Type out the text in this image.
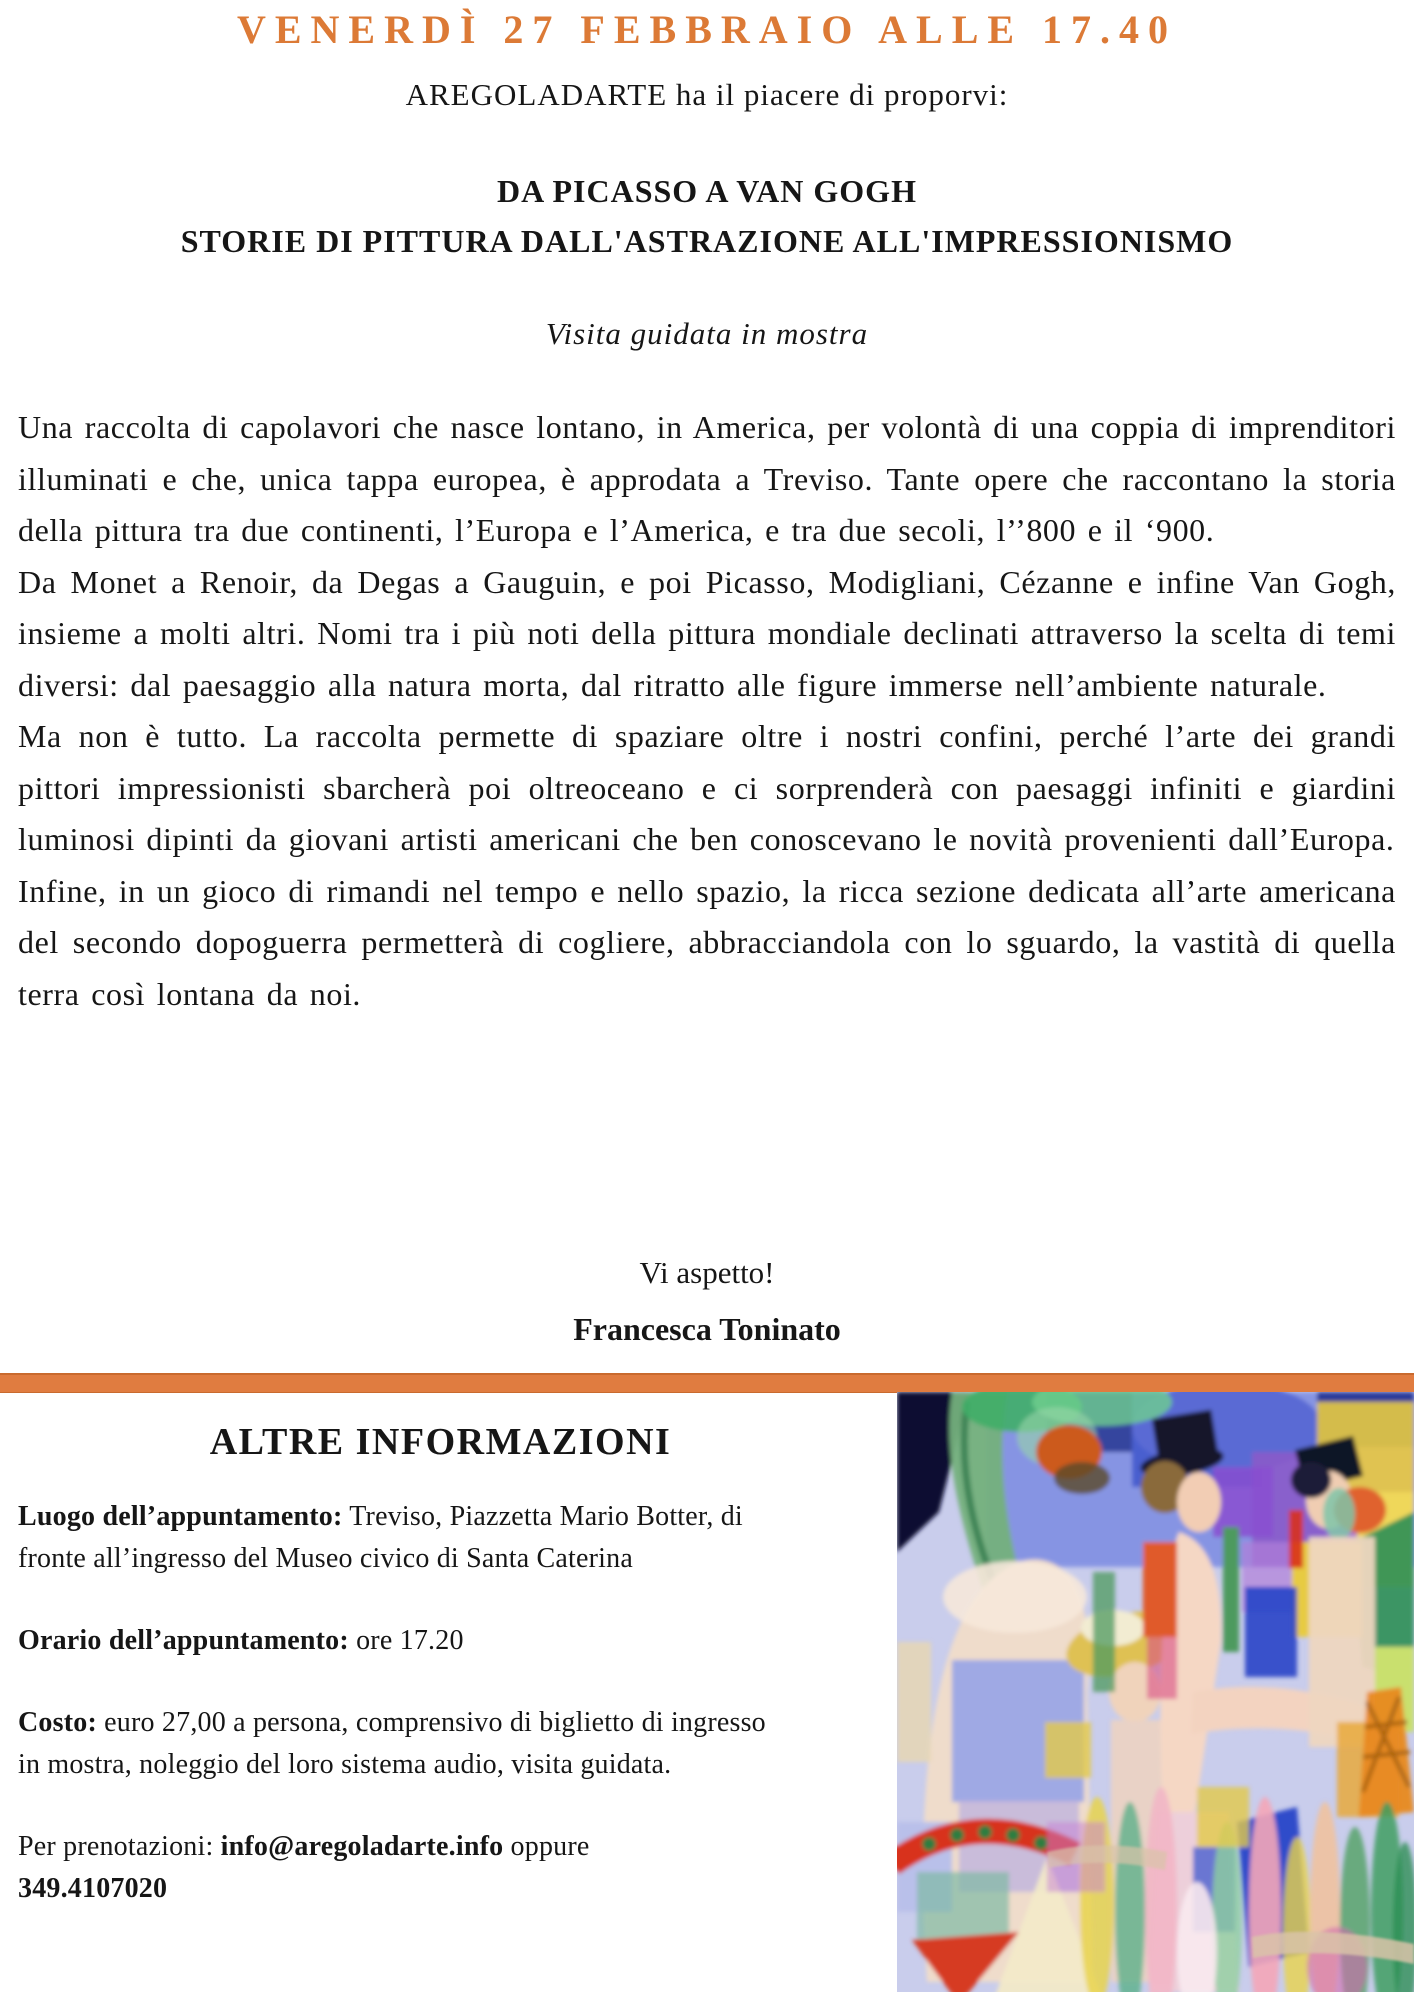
VENERDÌ 27 FEBBRAIO ALLE 17.40

AREGOLADARTE ha il piacere di proporvi:

DA PICASSO A VAN GOGH

STORIE DI PITTURA DALL'ASTRAZIONE ALL'IMPRESSIONISMO

Visita guidata in mostra

Una raccolta di capolavori che nasce lontano, in America, per volontà di una coppia di imprenditori illuminati e che, unica tappa europea, è approdata a Treviso. Tante opere che raccontano la storia della pittura tra due continenti, l’Europa e l’America, e tra due secoli, l’’800 e il ‘900.

Da Monet a Renoir, da Degas a Gauguin, e poi Picasso, Modigliani, Cézanne e infine Van Gogh, insieme a molti altri. Nomi tra i più noti della pittura mondiale declinati attraverso la scelta di temi diversi: dal paesaggio alla natura morta, dal ritratto alle figure immerse nell’ambiente naturale.

Ma non è tutto. La raccolta permette di spaziare oltre i nostri confini, perché l’arte dei grandi pittori impressionisti sbarcherà poi oltreoceano e ci sorprenderà con paesaggi infiniti e giardini luminosi dipinti da giovani artisti americani che ben conoscevano le novità provenienti dall’Europa.

Infine, in un gioco di rimandi nel tempo e nello spazio, la ricca sezione dedicata all’arte americana del secondo dopoguerra permetterà di cogliere, abbracciandola con lo sguardo, la vastità di quella terra così lontana da noi.

Vi aspetto!

Francesca Toninato

ALTRE INFORMAZIONI

Luogo dell’appuntamento: Treviso, Piazzetta Mario Botter, di fronte all’ingresso del Museo civico di Santa Caterina

Orario dell’appuntamento: ore 17.20

Costo: euro 27,00 a persona, comprensivo di biglietto di ingresso in mostra, noleggio del loro sistema audio, visita guidata.

Per prenotazioni: info@aregoladarte.info oppure
349.4107020
